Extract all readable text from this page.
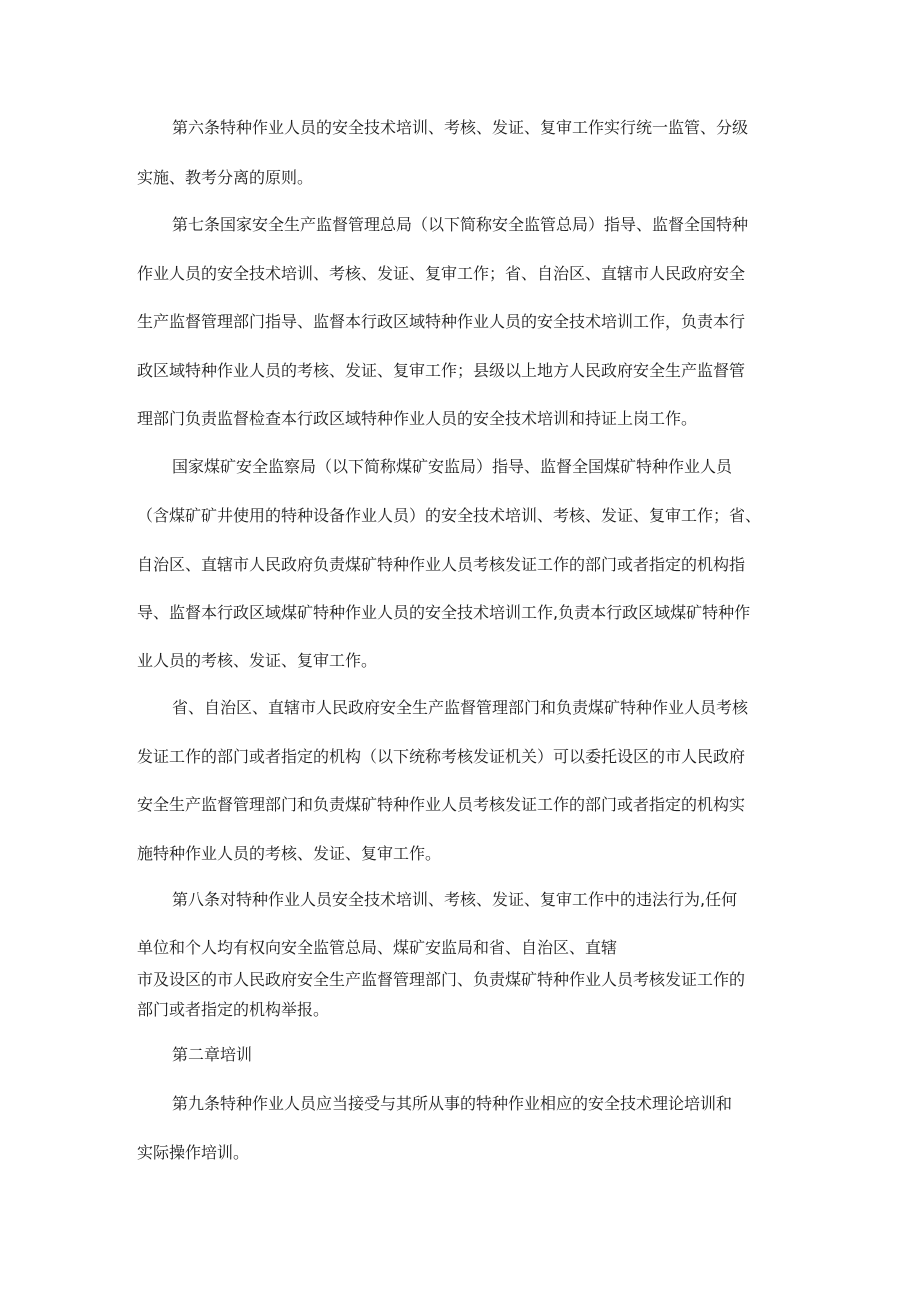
第六条特种作业人员的安全技术培训、考核、发证、复审工作实行统一监管、分级
实施、教考分离的原则。
第七条国家安全生产监督管理总局（以下简称安全监管总局）指导、监督全国特种
作业人员的安全技术培训、考核、发证、复审工作；省、自治区、直辖市人民政府安全
生产监督管理部门指导、监督本行政区域特种作业人员的安全技术培训工作，负责本行
政区域特种作业人员的考核、发证、复审工作；县级以上地方人民政府安全生产监督管
理部门负责监督检查本行政区域特种作业人员的安全技术培训和持证上岗工作。
国家煤矿安全监察局（以下简称煤矿安监局）指导、监督全国煤矿特种作业人员
（含煤矿矿井使用的特种设备作业人员）的安全技术培训、考核、发证、复审工作；省、
自治区、直辖市人民政府负责煤矿特种作业人员考核发证工作的部门或者指定的机构指
导、监督本行政区域煤矿特种作业人员的安全技术培训工作,负责本行政区域煤矿特种作
业人员的考核、发证、复审工作。
省、自治区、直辖市人民政府安全生产监督管理部门和负责煤矿特种作业人员考核
发证工作的部门或者指定的机构（以下统称考核发证机关）可以委托设区的市人民政府
安全生产监督管理部门和负责煤矿特种作业人员考核发证工作的部门或者指定的机构实
施特种作业人员的考核、发证、复审工作。
第八条对特种作业人员安全技术培训、考核、发证、复审工作中的违法行为,任何
单位和个人均有权向安全监管总局、煤矿安监局和省、自治区、直辖
市及设区的市人民政府安全生产监督管理部门、负责煤矿特种作业人员考核发证工作的
部门或者指定的机构举报。
第二章培训
第九条特种作业人员应当接受与其所从事的特种作业相应的安全技术理论培训和
实际操作培训。
